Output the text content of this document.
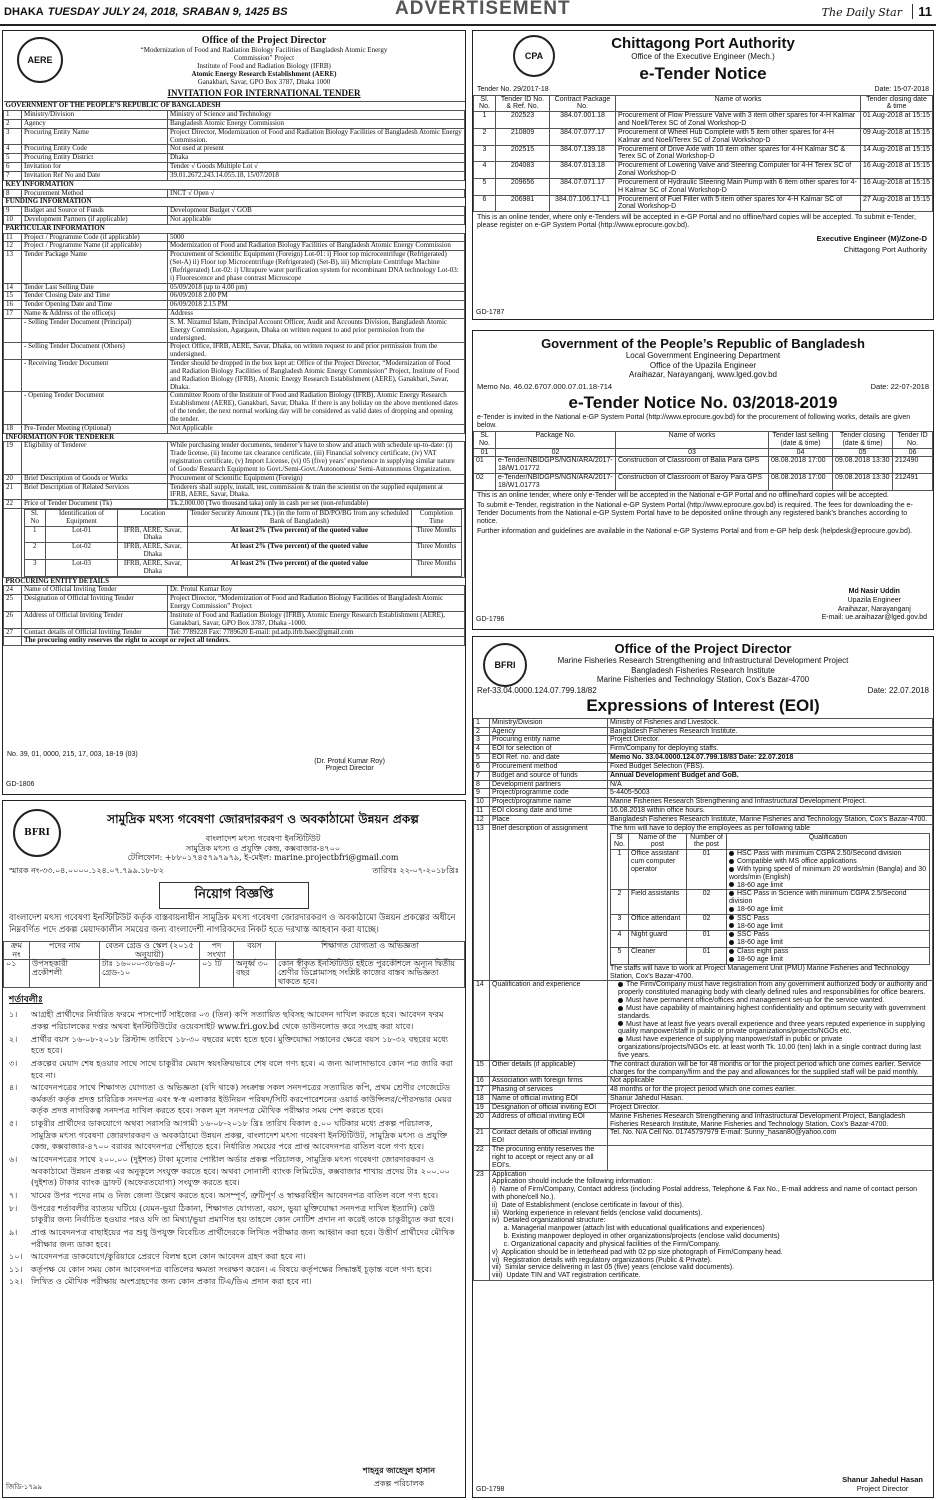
DHAKA TUESDAY JULY 24, 2018, SRABAN 9, 1425 BS	ADVERTISEMENT	The Daily Star	11
AERE
Office of the Project Director
“Modernization of Food and Radiation Biology Facilities of Bangladesh Atomic Energy Commission” Project
Institute of Food and Radiation Biology (IFRB)
Atomic Energy Research Establishment (AERE)
Ganakbari, Savar, GPO Box 3787, Dhaka 1000
INVITATION FOR INTERNATIONAL TENDER
GOVERNMENT OF THE PEOPLE’S REPUBLIC OF BANGLADESH
1	Ministry/Division	Ministry of Science and Technology
2	Agency	Bangladesh Atomic Energy Commission
3	Procuring Entity Name	Project Director, Modernization of Food and Radiation Biology Facilities of Bangladesh Atomic Energy Commission.
4	Procuring Entity Code	Not used at present
5	Procuring Entity District	Dhaka
6	Invitation for	Tender √ Goods Multiple Lot √
7	Invitation Ref No and Date	39.01.2672.243.14.055.18, 15/07/2018
KEY INFORMATION
8	Procurement Method	INCT √ Open √
FUNDING INFORMATION
9	Budget and Source of Funds	Development Budget √ GOB
10	Development Partners (if applicable)	Not applicable
PARTICULAR INFORMATION
11	Project / Programme Code (if applicable)	5000
12	Project / Programme Name (if applicable)	Modernization of Food and Radiation Biology Facilities of Bangladesh Atomic Energy Commission
13	Tender Package Name	Procurement of Scientific Equipment (Foreign) Lot-01: i) Floor top microcentrifuge (Refrigerated) (Set-A) ii) Floor top Microcentrifuge (Refrigerated) (Set-B), iii) Microplate Centrifuge Machine (Refrigerated) Lot-02: i) Ultrapure water purification system for recombinant DNA technology Lot-03: i) Fluorescence and phase contrast Microscope
14	Tender Last Selling Date	05/09/2018 (up to 4.00 pm)
15	Tender Closing Date and Time	06/09/2018 2.00 PM
16	Tender Opening Date and Time	06/09/2018 2.15 PM
17	Name & Address of the office(s)	Address
	- Selling Tender Document (Principal)	S. M. Nizamul Islam, Principal Account Officer, Audit and Accounts Division, Bangladesh Atomic Energy Commission, Agargaon, Dhaka on written request to and prior permission from the undersigned.
	- Selling Tender Document (Others)	Project Office, IFRB, AERE, Savar, Dhaka, on written request to and prior permission from the undersigned.
	- Receiving Tender Document	Tender should be dropped in the box kept at: Office of the Project Director, “Modernization of Food and Radiation Biology Facilities of Bangladesh Atomic Energy Commission” Project, Institute of Food and Radiation Biology (IFRB), Atomic Energy Research Establishment (AERE), Ganakbari, Savar, Dhaka.
	- Opening Tender Document	Committee Room of the Institute of Food and Radiation Biology (IFRB), Atomic Energy Research Establishment (AERE), Ganakbari, Savar, Dhaka. If there is any holiday on the above mentioned dates of the tender, the next normal working day will be considered as valid dates of dropping and opening the tender.
18	Pre-Tender Meeting (Optional)	Not Applicable
INFORMATION FOR TENDERER
19	Eligibility of Tenderer	While purchasing tender documents, tenderer’s have to show and attach with schedule up-to-date: (i) Trade license, (ii) Income tax clearance certificate, (iii) Financial solvency certificate, (iv) VAT registration certificate, (v) Import License, (vi) 05 (five) years’ experience in supplying similar nature of Goods/ Research Equipment to Govt./Semi-Govt./Autonomous/ Semi-Autonomous Organization.
20	Brief Description of Goods or Works	Procurement of Scientific Equipment (Foreign)
21	Brief Description of Related Services	Tenderers shall supply, install, test, commission & train the scientist on the supplied equipment at IFRB, AERE, Savar, Dhaka.
22	Price of Tender Document (Tk)	Tk.2,000.00 (Two thousand taka) only in cash per set (non-refundable)

Sl. No	Identification of Equipment	Location	Tender Security Amount (Tk.) (in the form of BD/PO/BG from any scheduled Bank of Bangladesh)	Completion Time
1	Lot-01	IFRB, AERE, Savar, Dhaka	At least 2% (Two percent) of the quoted value	Three Months
2	Lot-02	IFRB, AERE, Savar, Dhaka	At least 2% (Two percent) of the quoted value	Three Months
3	Lot-03	IFRB, AERE, Savar, Dhaka	At least 2% (Two percent) of the quoted value	Three Months

PROCURING ENTITY DETAILS
24	Name of Official Inviting Tender	Dr. Protul Kumar Roy
25	Designation of Official Inviting Tender	Project Director, “Modernization of Food and Radiation Biology Facilities of Bangladesh Atomic Energy Commission” Project
26	Address of Official Inviting Tender	Institute of Food and Radiation Biology (IFRB), Atomic Energy Research Establishment (AERE), Ganakbari, Savar, GPO Box 3787, Dhaka -1000.
27	Contact details of Official Inviting Tender	Tel: 7789228 Fax: 7789620 E-mail: pd.adp.ifrb.baec@gmail.com
	The procuring entity reserves the right to accept or reject all tenders.
No. 39, 01, 0000, 215, 17, 003, 18-19 (03)
(Dr. Protul Kumar Roy)
Project Director
GD-1806
BFRI
সামুদ্রিক মৎস্য গবেষণা জোরদারকরণ ও অবকাঠামো উন্নয়ন প্রকল্প
বাংলাদেশ মৎস্য গবেষণা ইনস্টিটিউট
সামুদ্রিক মৎস্য ও প্রযুক্তি কেন্দ্র, কক্সবাজার-৪৭০০
টেলিফোন: +৮৮০১৭৪৫৭৯৭৯৭৯, ই-মেইল: marine.projectbfri@gmail.com
স্মারক নং-৩৩.০৪.০০০০.১২৪.০৭.৭৯৯.১৮-৮২	তারিখঃ ২২-০৭-২০১৮খ্রিঃ
নিয়োগ বিজ্ঞপ্তি
বাংলাদেশ মৎস্য গবেষণা ইনস্টিটিউট কর্তৃক বাস্তবায়নাধীন সামুদ্রিক মৎস্য গবেষণা জোরদারকরণ ও অবকাঠামো উন্নয়ন প্রকল্পের অধীনে নিম্নবর্ণিত পদে প্রকল্প মেয়াদকালীন সময়ের জন্য বাংলাদেশী নাগরিকদের নিকট হতে দরখাস্ত আহবান করা যাচ্ছে।
ক্রম নং	পদের নাম	বেতন গ্রেড ও স্কেল (২০১৫ অনুযায়ী)	পদ সংখ্যা	বয়স	শিক্ষাগত যোগ্যতা ও অভিজ্ঞতা
০১	উপসহকারী প্রকৌশলী	টাঃ ১৬০০০-৩৮৬৪০/- গ্রেড-১০	০১ টি	অনূর্ধ্ব ৩০ বছর	কোন স্বীকৃত ইনস্টিটিউট হইতে পুরকৌশলে অন্যূন দ্বিতীয় শ্রেণীর ডিপ্লোমাসহ সংশ্লিষ্ট কাজের বাস্তব অভিজ্ঞতা থাকতে হবে।
শর্তাবলীঃ
১।	আগ্রহী প্রার্থীদের নির্ধারিত ফরমে পাসপোর্ট সাইজের ০৩ (তিন) কপি সত্যায়িত ছবিসহ আবেদন দাখিল করতে হবে। আবেদন ফরম প্রকল্প পরিচালকের দপ্তর অথবা ইনস্টিটিউটের ওয়েবসাইট www.fri.gov.bd থেকে ডাউনলোড করে সংগ্রহ করা যাবে।
২।	প্রার্থীর বয়স ১৬-০৮-২০১৮ খ্রিস্টাব্দ তারিখে ১৮-৩০ বছরের মধ্যে হতে হবে। মুক্তিযোদ্ধা সন্তানের ক্ষেত্রে বয়স ১৮-৩২ বছরের মধ্যে হতে হবে।
৩।	প্রকল্পের মেয়াদ শেষ হওয়ার সাথে সাথে চাকুরীর মেয়াদ স্বয়ংক্রিয়ভাবে শেষ বলে গণ্য হবে। এ জন্য আলাদাভাবে কোন পত্র জারি করা হবে না।
৪।	আবেদনপত্রের সাথে শিক্ষাগত যোগ্যতা ও অভিজ্ঞতা (যদি থাকে) সংক্রান্ত সকল সনদপত্রের সত্যায়িত কপি, প্রথম শ্রেণীর গেজেটেড কর্মকর্তা কর্তৃক প্রদত্ত চারিত্রিক সনদপত্র এবং স্ব-স্ব এলাকার ইউনিয়ন পরিষদ/সিটি করপোরেশনের ওয়ার্ড কাউন্সিলর/পৌরসভার মেয়র কর্তৃক প্রদত্ত নাগরিকত্ব সনদপত্র দাখিল করতে হবে। সকল মূল সনদপত্র মৌখিক পরীক্ষার সময় পেশ করতে হবে।
৫।	চাকুরীর প্রার্থীদের ডাকযোগে অথবা সরাসরি আগামী ১৬-০৮-২০১৮ খ্রিঃ তারিখ বিকাল ৫.০০ ঘটিকার মধ্যে প্রকল্প পরিচালক, সামুদ্রিক মৎস্য গবেষণা জোরদারকরণ ও অবকাঠামো উন্নয়ন প্রকল্প, বাংলাদেশ মৎস্য গবেষণা ইনস্টিটিউট, সামুদ্রিক মৎস্য ও প্রযুক্তি কেন্দ্র, কক্সবাজার-৪৭০০ বরাবর আবেদনপত্র পৌঁছাতে হবে। নির্ধারিত সময়ের পরে প্রাপ্ত আবেদনপত্র বাতিল বলে গণ্য হবে।
৬।	আবেদনপত্রের সাথে ২০০.০০ (দুইশত) টাকা মূল্যের পোষ্টাল অর্ডার প্রকল্প পরিচালক, সামুদ্রিক মৎস্য গবেষণা জোরদারকরণ ও অবকাঠামো উন্নয়ন প্রকল্প এর অনুকূলে সংযুক্ত করতে হবে। অথবা সোনালী ব্যাংক লিমিটেড, কক্সবাজার শাখায় প্রদেয় টাঃ ২০০.০০ (দুইশত) টাকার ব্যাংক ড্রাফট (অফেরতযোগ্য) সংযুক্ত করতে হবে।
৭।	খামের উপর পদের নাম ও নিজ জেলা উল্লেখ করতে হবে। অসম্পূর্ণ, ত্রুটিপূর্ণ ও স্বাক্ষরবিহীন আবেদনপত্র বাতিল বলে গণ্য হবে।
৮।	উপরের শর্তাবলীর ব্যাত্যয় ঘটিয়ে (যেমন-ভুয়া ঠিকানা, শিক্ষাগত যোগ্যতা, বয়স, ভুয়া মুক্তিযোদ্ধা সনদপত্র দাখিল ইত্যাদি) কেউ চাকুরীর জন্য নির্বাচিত হওয়ার পরও যদি তা মিথ্যা/ভুয়া প্রমাণিত হয় তাহলে কোন নোটিশ প্রদান না করেই তাকে চাকুরীচ্যুত করা হবে।
৯।	প্রাপ্ত আবেদনপত্র বাছাইয়ের পর শুধু উপযুক্ত বিবেচিত প্রার্থীদেরকে লিখিত পরীক্ষার জন্য আহ্বান করা হবে। উত্তীর্ণ প্রার্থীদের মৌখিক পরীক্ষার জন্য ডাকা হবে।
১০।	আবেদনপত্র ডাকযোগে/কুরিয়ারে প্রেরণে বিলম্ব হলে কোন আবেদন গ্রহণ করা হবে না।
১১।	কর্তৃপক্ষ যে কোন সময় কোন আবেদনপত্র বাতিলের ক্ষমতা সংরক্ষণ করেন। এ বিষয়ে কর্তৃপক্ষের সিদ্ধান্তই চূড়ান্ত বলে গণ্য হবে।
১২।	লিখিত ও মৌখিক পরীক্ষায় অংশগ্রহণের জন্য কোন প্রকার টিএ/ডিএ প্রদান করা হবে না।
শাহনুর জাহেদুল হাসান
প্রকল্প পরিচালক
জিডি-১৭৯৯
CPA
Chittagong Port Authority
Office of the Executive Engineer (Mech.)
e-Tender Notice
Tender No. 29/2017-18	Date: 15-07-2018
Sl. No.	Tender ID No. & Ref. No.	Contract Package No.	Name of works	Tender closing date & time
1	202523	384.07.001.18	Procurement of Flow Pressure Valve with 3 item other spares for 4-H Kalmar and Noell/Terex SC of Zonal Workshop-D	01 Aug-2018 at 15:15
2	210809	384.07.077.17	Procurement of Wheel Hub Complete with 5 item other spares for 4-H Kalmar and Noell/Terex SC of Zonal Workshop-D	09 Aug-2018 at 15:15
3	202515	384.07.139.18	Procurement of Drive Axle with 10 item other spares for 4-H Kalmar SC & Terex SC of Zonal Workshop-D	14 Aug-2018 at 15:15
4	204083	384.07.013.18	Procurement of Lowering Valve and Steering Computer for 4-H Terex SC of Zonal Workshop-D	16 Aug-2018 at 15:15
5	209656	384.07.071.17	Procurement of Hydraulic Steering Main Pump with 6 item other spares for 4-H Kalmar SC of Zonal Workshop-D	16 Aug-2018 at 15:15
6	206981	384.07.106.17-L1	Procurement of Fuel Filter with 5 item other spares for 4-H Kalmar SC of Zonal Workshop-D	27 Aug-2018 at 15:15
This is an online tender, where only e-Tenders will be accepted in e-GP Portal and no offline/hard copies will be accepted. To submit e-Tender, please register on e-GP System Portal (http://www.eprocure.gov.bd).
Executive Engineer (M)/Zone-D
Chittagong Port Authority
GD-1787
Government of the People’s Republic of Bangladesh
Local Government Engineering Department
Office of the Upazila Engineer
Araihazar, Narayanganj, www.lged.gov.bd
Memo No. 46.02.6707.000.07.01.18-714	Date: 22-07-2018
e-Tender Notice No. 03/2018-2019
e-Tender is invited in the National e-GP System Portal (http://www.eprocure.gov.bd) for the procurement of following works, details are given below.
SL No.	Package No.	Name of works	Tender last selling (date & time)	Tender closing (date & time)	Tender ID No.
01	02	03	04	05	06
01	e-Tender/NBIDGPS/NGN/ARA/2017-18/W1.01772	Construction of Classroom of Balia Para GPS	08.08.2018 17:00	09.08.2018 13:30	212490
02	e-Tender/NBIDGPS/NGN/ARA/2017-18/W1.01773	Construction of Classroom of Baroy Para GPS	08.08.2018 17:00	09.08.2018 13:30	212491
This is an online tender, where only e-Tender will be accepted in the National e-GP Portal and no offline/hard copies will be accepted.
To submit e-Tender, registration in the National e-GP System Portal (http://www.eprocure.gov.bd) is required. The fees for downloading the e-Tender Documents from the National e-GP System Portal have to be deposited online through any registered bank’s branches according to notice.
Further information and guidelines are available in the National e-GP Systems Portal and from e-GP help desk (helpdesk@eprocure.gov.bd).
Md Nasir Uddin
Upazila Engineer
Araihazar, Narayanganj
E-mail: ue.araihazar@lged.gov.bd
GD-1796
BFRI
Office of the Project Director
Marine Fisheries Research Strengthening and Infrastructural Development Project
Bangladesh Fisheries Research Institute
Marine Fisheries and Technology Station, Cox’s Bazar-4700
Ref-33.04.0000.124.07.799.18/82	Date: 22.07.2018
Expressions of Interest (EOI)
1	Ministry/Division	Ministry of Fisheries and Livestock.
2	Agency	Bangladesh Fisheries Research Institute.
3	Procuring entity name	Project Director.
4	EOI for selection of	Firm/Company for deploying staffs.
5	EOI Ref. no. and date	Memo No. 33.04.0000.124.07.799.18/83 Date: 22.07.2018
6	Procurement method	Fixed Budget Selection (FBS).
7	Budget and source of funds	Annual Development Budget and GoB.
8	Development partners	N/A
9	Project/programme code	5-4405-5003
10	Project/programme name	Marine Fisheries Research Strengthening and Infrastructural Development Project.
11	EOI closing date and time	16.08.2018 within office hours.
12	Place	Bangladesh Fisheries Research Institute, Marine Fisheries and Technology Station, Cox’s Bazar-4700.
13	Brief description of assignment	The firm will have to deploy the employees as per following table
Sl No.	Name of the post	Number of the post	Qualification
1	Office assistant cum computer operator	01	HSC Pass with minimum CGPA 2.50/Second division
Compatible with MS office applications
With typing speed of minimum 20 words/min (Bangla) and 30 words/min (English)
18-60 age limit

2	Field assistants	02	HSC Pass in Science with minimum CGPA 2.5/Second division
18-60 age limit

3	Office attendant	02	SSC Pass
18-60 age limit

4	Night guard	01	SSC Pass
18-60 age limit

5	Cleaner	01	Class eight pass
18-60 age limit
The staffs will have to work at Project Management Unit (PMU) Marine Fisheries and Technology Station, Cox’s Bazar-4700.

14	Qualification and experience	The Firm/Company must have registration from any government authorized body or authority and properly constituted managing body with clearly defined rules and responsibilities for office bearers.
Must have permanent office/offices and management set-up for the service wanted.
Must have capability of maintaining highest confidentiality and optimum security with government standards.
Must have at least five years overall experience and three years reputed experience in supplying quality manpower/staff in public or private organizations/projects/NGOs etc.
Must have experience of supplying manpower/staff in public or private organizations/projects/NGOs etc. at least worth Tk. 10.00 (ten) lakh in a single contract during last five years.

15	Other details (if applicable)	The contract duration will be for 48 months or for the project period which one comes earlier. Service charges for the company/firm and the pay and allowances for the supplied staff will be paid monthly.
16	Association with foreign firms	Not applicable
17	Phasing of services	48 months or for the project period which one comes earlier.
18	Name of official inviting EOI	Shanur Jahedul Hasan.
19	Designation of official inviting EOI	Project Director.
20	Address of official inviting EOI	Marine Fisheries Research Strengthening and Infrastructural Development Project, Bangladesh Fisheries Research Institute, Marine Fisheries and Technology Station, Cox’s Bazar-4700.
21	Contact details of official inviting EOI	Tel. No. N/A Cell No. 01745797979 E-mail: Sunny_hasan80@yahoo.com
22	The procuring entity reserves the right to accept or reject any or all EOI’s.	
23	Application
Application should include the following information:
i)  Name of Firm/Company, Contact address (including Postal address, Telephone & Fax No., E-mail address and name of contact person with phone/cell No.).
ii)  Date of Establishment (enclose certificate in favour of this).
iii)  Working experience in relevant fields (enclose valid documents).
iv)  Detailed organizational structure:
a. Managerial manpower (attach list with educational qualifications and experiences)
b. Existing manpower deployed in other organizations/projects (enclose valid documents)
c. Organizational capacity and physical facilities of the Firm/Company.
v)  Application should be in letterhead pad with 02 pp size photograph of Firm/Company head.
vi)  Registration details with regulatory organizations (Public & Private).
vii)  Similar service delivering in last 05 (five) years (enclose valid documents).
viii)  Update TIN and VAT registration certificate.
Shanur Jahedul Hasan
Project Director
GD-1798
